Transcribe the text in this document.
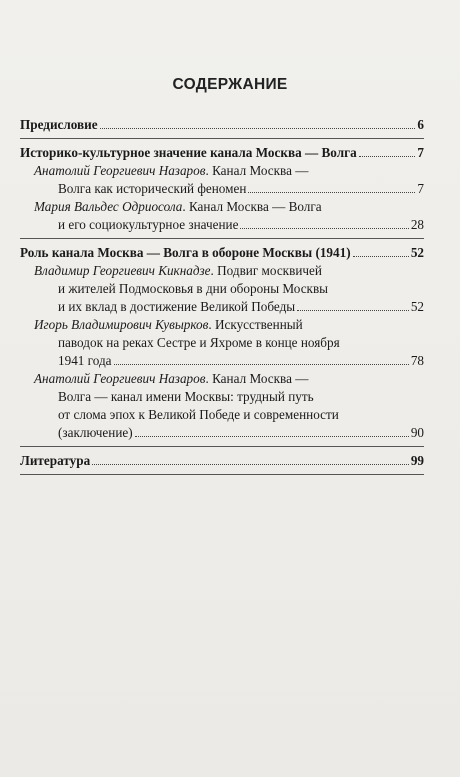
СОДЕРЖАНИЕ
Предисловие	6
Историко-культурное значение канала Москва — Волга	7
Анатолий Георгиевич Назаров. Канал Москва —
Волга как исторический феномен	7
Мария Вальдес Одриосола. Канал Москва — Волга
и его социокультурное значение	28
Роль канала Москва — Волга в обороне Москвы (1941)	52
Владимир Георгиевич Кикнадзе. Подвиг москвичей
и жителей Подмосковья в дни обороны Москвы
и их вклад в достижение Великой Победы	52
Игорь Владимирович Кувырков. Искусственный
паводок на реках Сестре и Яхроме в конце ноября
1941 года	78
Анатолий Георгиевич Назаров. Канал Москва —
Волга — канал имени Москвы: трудный путь
от слома эпох к Великой Победе и современности
(заключение)	90
Литература	99
